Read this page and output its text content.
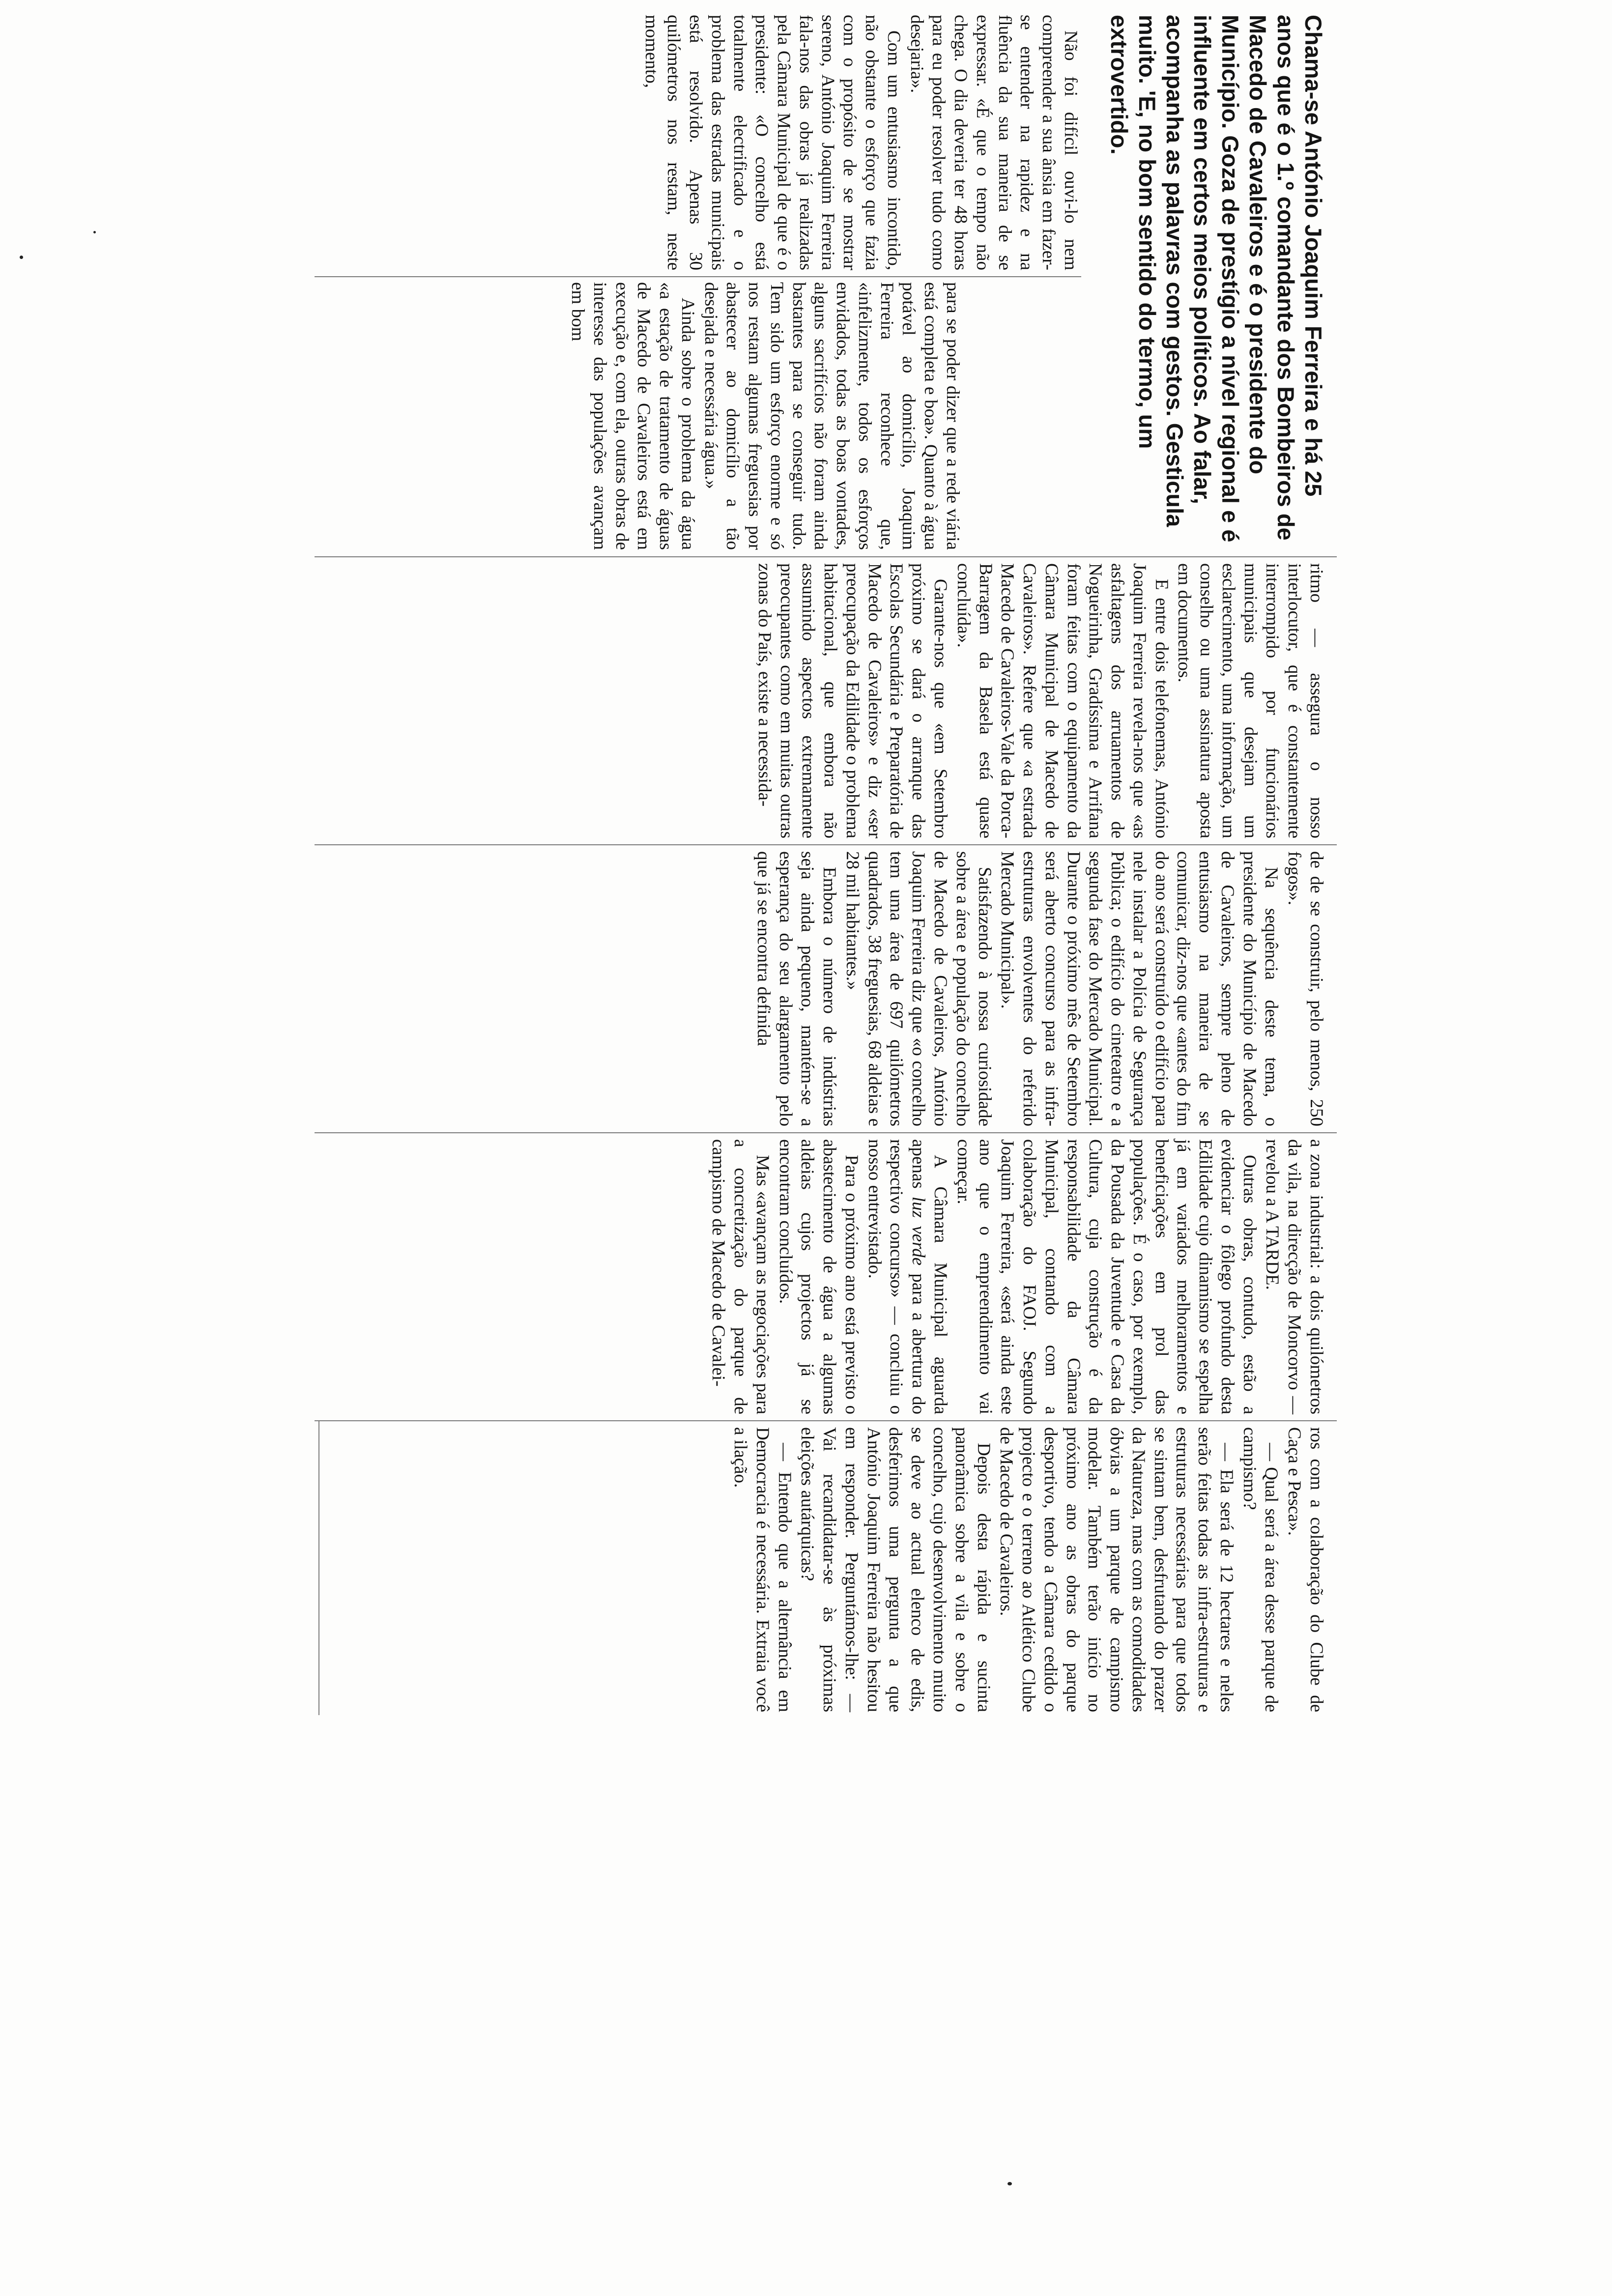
Chama-se António Joaquim Ferreira e há 25 anos que é o 1.º comandante dos Bombeiros de Macedo de Cavaleiros e é o presidente do Município. Goza de prestígio a nível regional e é influente em certos meios políticos. Ao falar, acompanha as palavras com gestos. Gesticula muito. 'E, no bom sentido do termo, um extrovertido.

Não foi difícil ouvi-lo nem compreender a sua ânsia em fazer-se entender na rapidez e na fluência da sua maneira de se expressar. «É que o tempo não chega. O dia deveria ter 48 horas para eu poder resolver tudo como desejaria».

Com um entusiasmo incontido, não obstante o esforço que fazia com o propósito de se mostrar sereno, António Joaquim Ferreira fala-nos das obras já realizadas pela Câmara Municipal de que é o presidente: «O concelho está totalmente electrificado e o problema das estradas municipais está resolvido. Apenas 30 quilómetros nos restam, neste momento,

para se poder dizer que a rede viária está completa e boa». Quanto à água potável ao domicílio, Joaquim Ferreira reconhece que, «infelizmente, todos os esforços envidados, todas as boas vontades, alguns sacrifícios não foram ainda bastantes para se conseguir tudo. Tem sido um esforço enorme e só nos restam algumas freguesias por abastecer ao domicílio a tão desejada e necessária água.»

Ainda sobre o problema da água «a estação de tratamento de águas de Macedo de Cavaleiros está em execução e, com ela, outras obras de interesse das populações avançam em bom

ritmo — assegura o nosso interlocutor, que é constantemente interrompido por funcionários municipais que desejam um esclarecimento, uma informação, um conselho ou uma assinatura aposta em documentos.

E entre dois telefonemas, António Joaquim Ferreira revela-nos que «as asfaltagens dos arruamentos de Nogueirinha, Gradíssima e Arrifana foram feitas com o equipamento da Câmara Municipal de Macedo de Cavaleiros». Refere que «a estrada Macedo de Cavaleiros-Vale da Porca-Barragem da Basela está quase concluída».

Garante-nos que «em Setembro próximo se dará o arranque das Escolas Secundária e Preparatória de Macedo de Cavaleiros» e diz «ser preocupação da Edilidade o problema habitacional, que embora não assumindo aspectos extremamente preocupantes como em muitas outras zonas do País, existe a necessida-

de de se construir, pelo menos, 250 fogos».

Na sequência deste tema, o presidente do Município de Macedo de Cavaleiros, sempre pleno de entusiasmo na maneira de se comunicar, diz-nos que «antes do fim do ano será construído o edifício para nele instalar a Polícia de Segurança Pública; o edifício do cineteatro e a segunda fase do Mercado Municipal. Durante o próximo mês de Setembro será aberto concurso para as infra-estruturas envolventes do referido Mercado Municipal».

Satisfazendo à nossa curiosidade sobre a área e população do concelho de Macedo de Cavaleiros, António Joaquim Ferreira diz que «o concelho tem uma área de 697 quilómetros quadrados, 38 freguesias, 68 aldeias e 28 mil habitantes.»

Embora o número de indústrias seja ainda pequeno, mantém-se a esperança do seu alargamento pelo que já se encontra definida

a zona industrial: a dois quilómetros da vila, na direcção de Moncorvo — revelou a A TARDE.

Outras obras, contudo, estão a evidenciar o fôlego profundo desta Edilidade cujo dinamismo se espelha já em variados melhoramentos e beneficiações em prol das populações. É o caso, por exemplo, da Pousada da Juventude e Casa da Cultura, cuja construção é da responsabilidade da Câmara Municipal, contando com a colaboração do FAOJ. Segundo Joaquim Ferreira, «será ainda este ano que o empreendimento vai começar.

A Câmara Municipal aguarda apenas luz verde para a abertura do respectivo concurso» — concluiu o nosso entrevistado.

Para o próximo ano está previsto o abastecimento de água a algumas aldeias cujos projectos já se encontram concluídos.

Mas «avançam as negociações para a concretização do parque de campismo de Macedo de Cavalei-

ros com a colaboração do Clube de Caça e Pesca».

— Qual será a área desse parque de campismo?

— Ela será de 12 hectares e neles serão feitas todas as infra-estruturas e estruturas necessárias para que todos se sintam bem, desfrutando do prazer da Natureza, mas com as comodidades óbvias a um parque de campismo modelar. Também terão início no próximo ano as obras do parque desportivo, tendo a Câmara cedido o projecto e o terreno ao Atlético Clube de Macedo de Cavaleiros.

Depois desta rápida e sucinta panorâmica sobre a vila e sobre o concelho, cujo desenvolvimento muito se deve ao actual elenco de edis, desferimos uma pergunta a que António Joaquim Ferreira não hesitou em responder. Perguntámos-lhe: — Vai recandidatar-se às próximas eleições autárquicas?

— Entendo que a alternância em Democracia é necessária. Extraia você a ilação.
